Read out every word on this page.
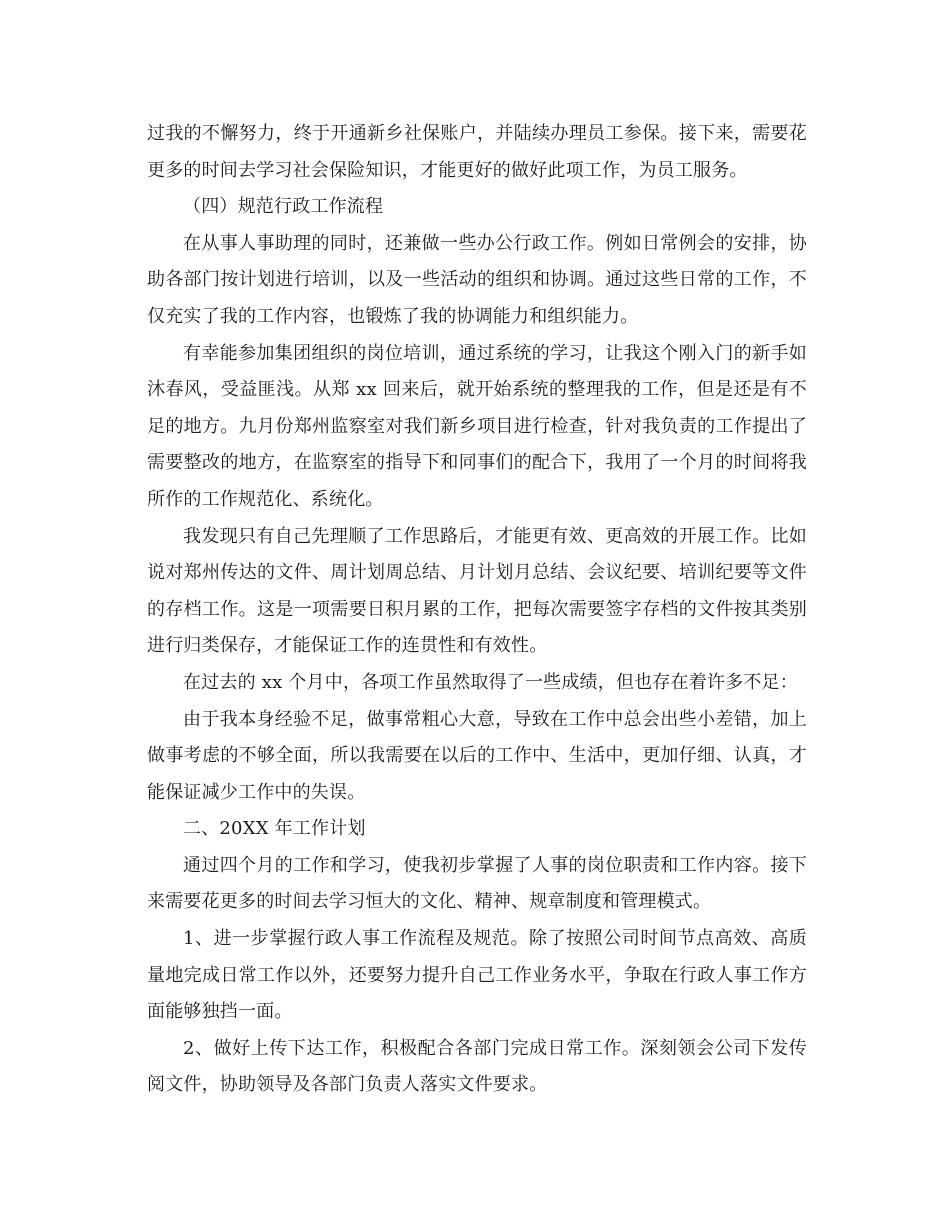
过我的不懈努力，终于开通新乡社保账户，并陆续办理员工参保。接下来，需要花更多的时间去学习社会保险知识，才能更好的做好此项工作，为员工服务。

（四）规范行政工作流程

在从事人事助理的同时，还兼做一些办公行政工作。例如日常例会的安排，协助各部门按计划进行培训，以及一些活动的组织和协调。通过这些日常的工作，不仅充实了我的工作内容，也锻炼了我的协调能力和组织能力。

有幸能参加集团组织的岗位培训，通过系统的学习，让我这个刚入门的新手如沐春风，受益匪浅。从郑 xx 回来后，就开始系统的整理我的工作，但是还是有不足的地方。九月份郑州监察室对我们新乡项目进行检查，针对我负责的工作提出了需要整改的地方，在监察室的指导下和同事们的配合下，我用了一个月的时间将我所作的工作规范化、系统化。

我发现只有自己先理顺了工作思路后，才能更有效、更高效的开展工作。比如说对郑州传达的文件、周计划周总结、月计划月总结、会议纪要、培训纪要等文件的存档工作。这是一项需要日积月累的工作，把每次需要签字存档的文件按其类别进行归类保存，才能保证工作的连贯性和有效性。

在过去的 xx 个月中，各项工作虽然取得了一些成绩，但也存在着许多不足：

由于我本身经验不足，做事常粗心大意，导致在工作中总会出些小差错，加上做事考虑的不够全面，所以我需要在以后的工作中、生活中，更加仔细、认真，才能保证减少工作中的失误。

二、20XX 年工作计划

通过四个月的工作和学习，使我初步掌握了人事的岗位职责和工作内容。接下来需要花更多的时间去学习恒大的文化、精神、规章制度和管理模式。

1、进一步掌握行政人事工作流程及规范。除了按照公司时间节点高效、高质量地完成日常工作以外，还要努力提升自己工作业务水平，争取在行政人事工作方面能够独挡一面。

2、做好上传下达工作，积极配合各部门完成日常工作。深刻领会公司下发传阅文件，协助领导及各部门负责人落实文件要求。
